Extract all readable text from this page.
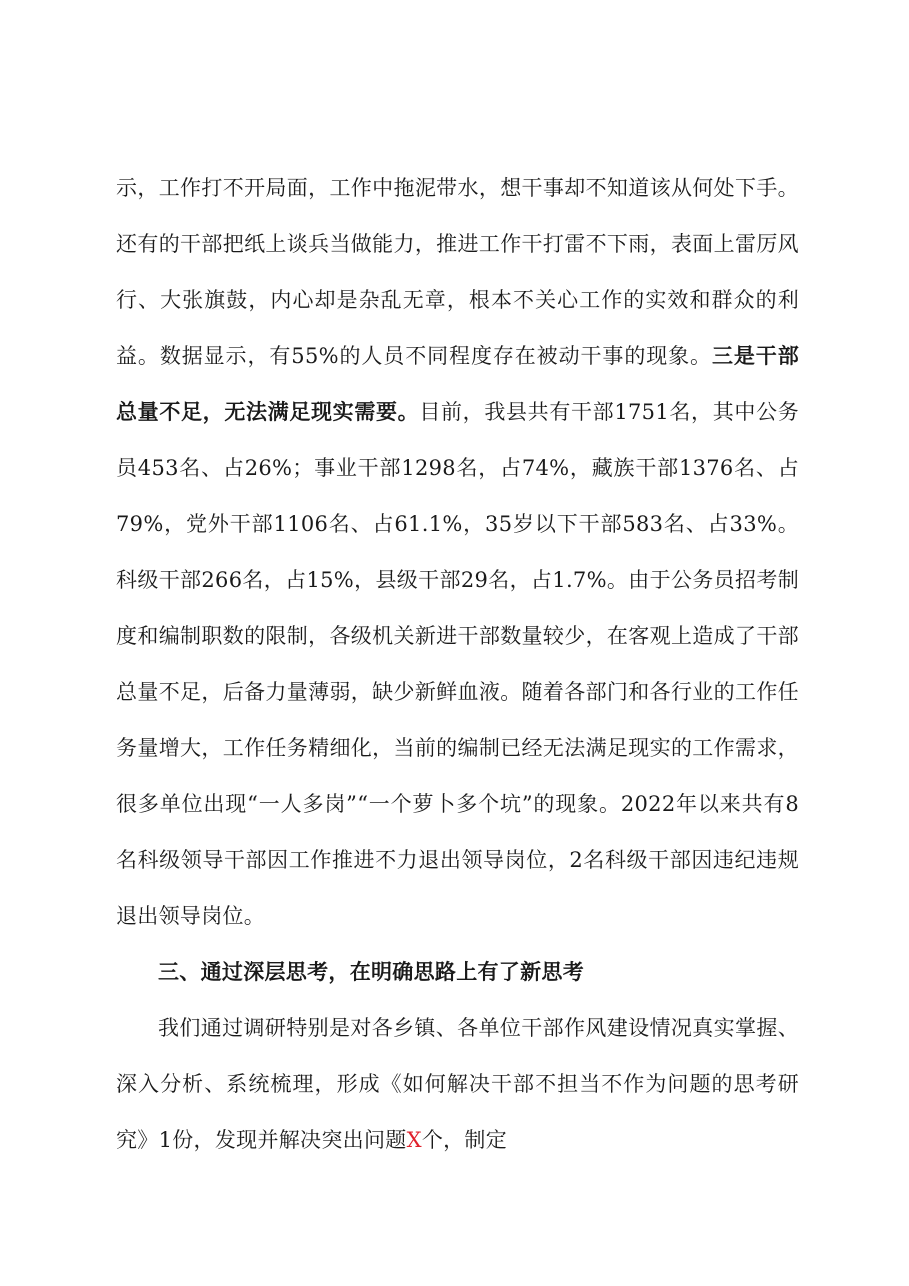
示，工作打不开局面，工作中拖泥带水，想干事却不知道该从何处下手。还有的干部把纸上谈兵当做能力，推进工作干打雷不下雨，表面上雷厉风行、大张旗鼓，内心却是杂乱无章，根本不关心工作的实效和群众的利益。数据显示，有55%的人员不同程度存在被动干事的现象。三是干部总量不足，无法满足现实需要。目前，我县共有干部1751名，其中公务员453名、占26%；事业干部1298名，占74%，藏族干部1376名、占79%，党外干部1106名、占61.1%，35岁以下干部583名、占33%。科级干部266名，占15%，县级干部29名，占1.7%。由于公务员招考制度和编制职数的限制，各级机关新进干部数量较少，在客观上造成了干部总量不足，后备力量薄弱，缺少新鲜血液。随着各部门和各行业的工作任务量增大，工作任务精细化，当前的编制已经无法满足现实的工作需求，很多单位出现“一人多岗”“一个萝卜多个坑”的现象。2022年以来共有8名科级领导干部因工作推进不力退出领导岗位，2名科级干部因违纪违规退出领导岗位。

三、通过深层思考，在明确思路上有了新思考

我们通过调研特别是对各乡镇、各单位干部作风建设情况真实掌握、深入分析、系统梳理，形成《如何解决干部不担当不作为问题的思考研究》1份，发现并解决突出问题X个，制定
